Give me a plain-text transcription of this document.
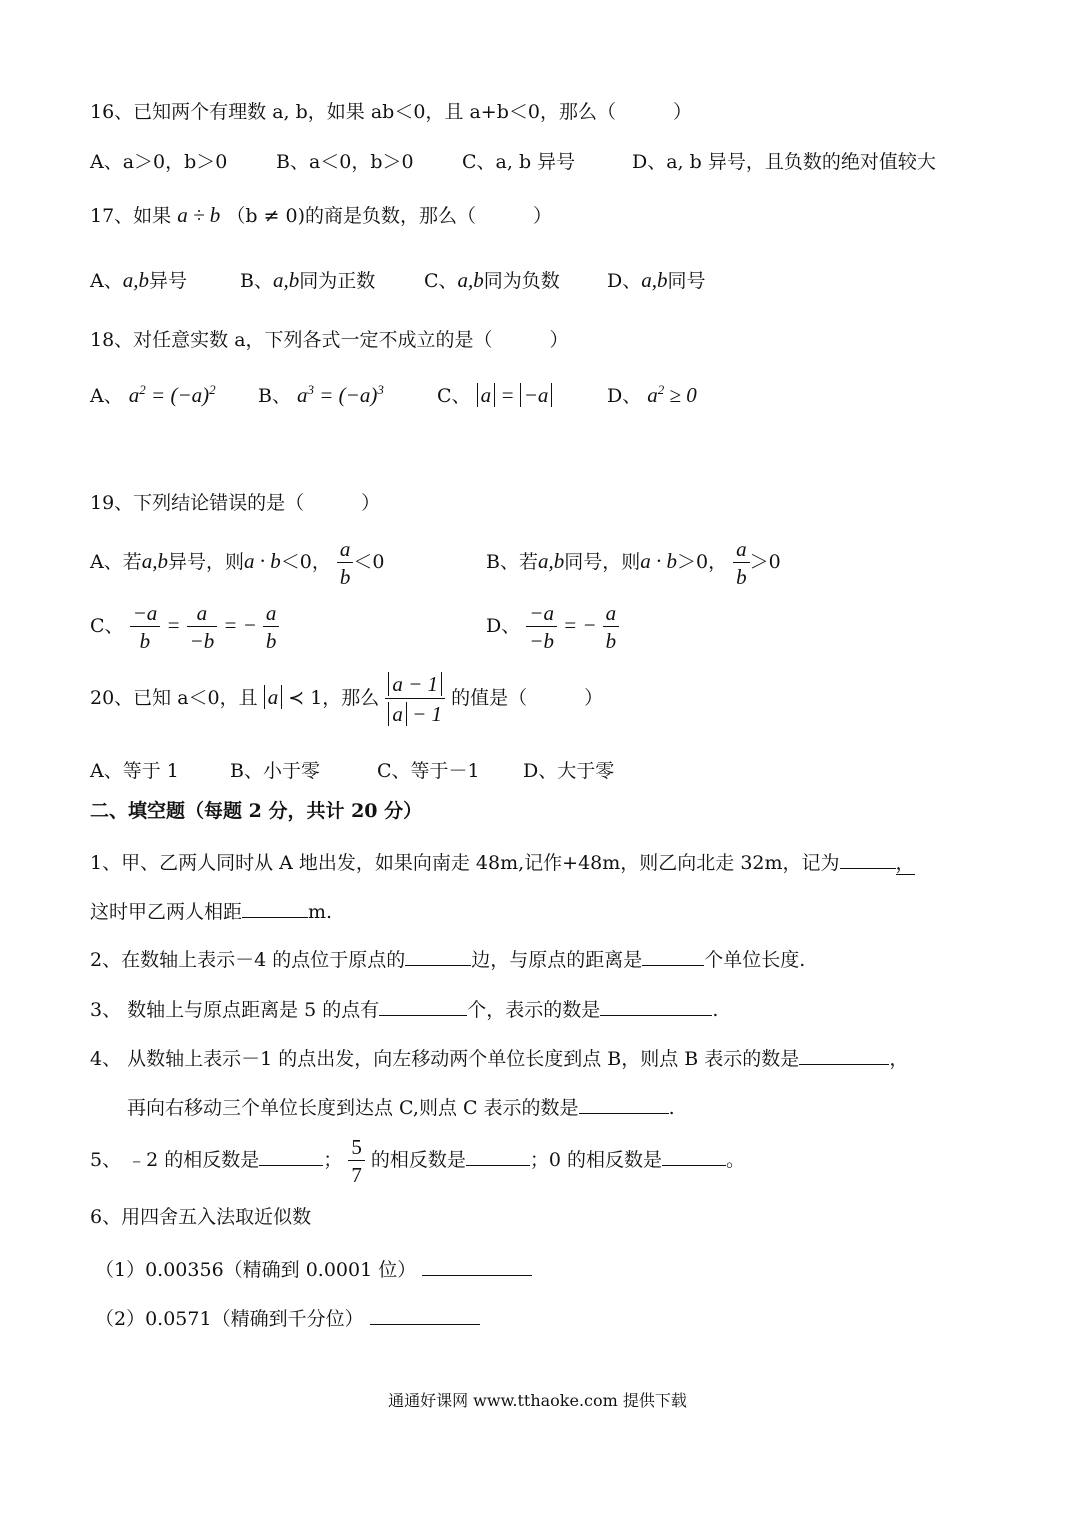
16、已知两个有理数 a, b，如果 ab＜0，且 a+b＜0，那么（　　　）
A、a＞0，b＞0	B、a＜0，b＞0	C、a, b 异号	D、a, b 异号，且负数的绝对值较大
17、如果 a ÷ b （b ≠ 0)的商是负数，那么（　　　）
A、a,b异号	B、a,b同为正数	C、a,b同为负数 D、a,b同号
18、对任意实数 a，下列各式一定不成立的是（　　　）
A、 $a^2 = (-a)^2$ B、 $a^3 = (-a)^3$	C、 a = −a	D、 $a^2 \ge 0$
19、下列结论错误的是（　　　）
A、若a,b异号，则a · b＜0， $\frac{a}{b} <0$	B、若a,b同号，则a · b＞0， $\frac{a}{b} >0$
C、 $\frac{-a}{b} = \frac{a}{-b}$ = − $\frac{a}{b}$	D、 $\frac{-a}{-b}$ = − $\frac{a}{b}$
20、已知 a＜0，且 a ≺ 1，那么 $\frac{a - 1}{a - 1}$ 的值是（　　　）
A、等于 1	B、小于零	C、等于－1 D、大于零
二、填空题（每题 2 分，共计 20 分）
1、甲、乙两人同时从 A 地出发，如果向南走 48m,记作+48m，则乙向北走 32m，记为	，
这时甲乙两人相距	m.
2、在数轴上表示－4 的点位于原点的	边，与原点的距离是	个单位长度.
3、 数轴上与原点距离是 5 的点有	个，表示的数是	.
4、 从数轴上表示－1 的点出发，向左移动两个单位长度到点 B，则点 B 表示的数是	，
再向右移动三个单位长度到达点 C,则点 C 表示的数是	.
5、 ﹣2 的相反数是	； $\frac{5}{7}$ 的相反数是	；0 的相反数是	。
6、用四舍五入法取近似数
（1）0.00356（精确到 0.0001 位）
（2）0.0571（精确到千分位）
通通好课网 www.tthaoke.com 提供下载
